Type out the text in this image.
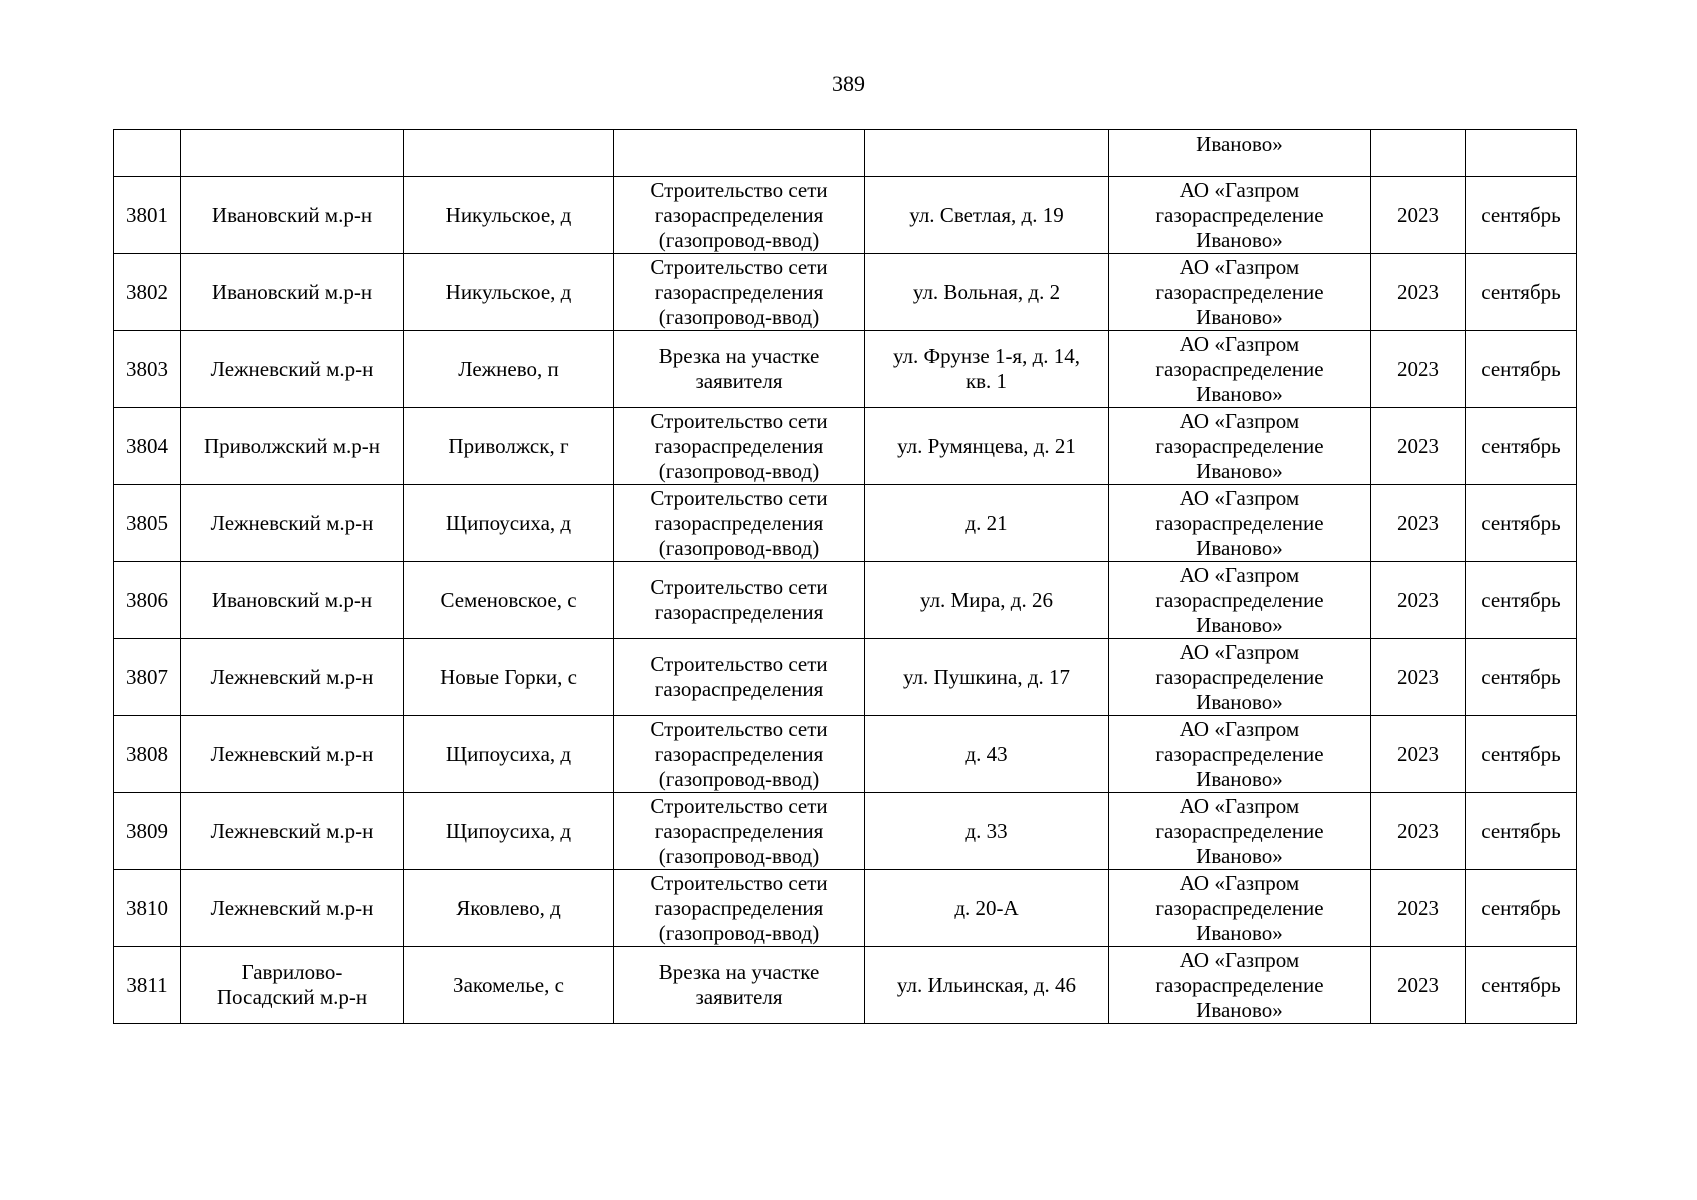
389
					Иваново»		
3801	Ивановский м.р-н	Никульское, д	Строительство сети
газораспределения
(газопровод-ввод)	ул. Светлая, д. 19	АО «Газпром
газораспределение
Иваново»	2023	сентябрь
3802	Ивановский м.р-н	Никульское, д	Строительство сети
газораспределения
(газопровод-ввод)	ул. Вольная, д. 2	АО «Газпром
газораспределение
Иваново»	2023	сентябрь
3803	Лежневский м.р-н	Лежнево, п	Врезка на участке
заявителя	ул. Фрунзе 1-я, д. 14,
кв. 1	АО «Газпром
газораспределение
Иваново»	2023	сентябрь
3804	Приволжский м.р-н	Приволжск, г	Строительство сети
газораспределения
(газопровод-ввод)	ул. Румянцева, д. 21	АО «Газпром
газораспределение
Иваново»	2023	сентябрь
3805	Лежневский м.р-н	Щипоусиха, д	Строительство сети
газораспределения
(газопровод-ввод)	д. 21	АО «Газпром
газораспределение
Иваново»	2023	сентябрь
3806	Ивановский м.р-н	Семеновское, с	Строительство сети
газораспределения	ул. Мира, д. 26	АО «Газпром
газораспределение
Иваново»	2023	сентябрь
3807	Лежневский м.р-н	Новые Горки, с	Строительство сети
газораспределения	ул. Пушкина, д. 17	АО «Газпром
газораспределение
Иваново»	2023	сентябрь
3808	Лежневский м.р-н	Щипоусиха, д	Строительство сети
газораспределения
(газопровод-ввод)	д. 43	АО «Газпром
газораспределение
Иваново»	2023	сентябрь
3809	Лежневский м.р-н	Щипоусиха, д	Строительство сети
газораспределения
(газопровод-ввод)	д. 33	АО «Газпром
газораспределение
Иваново»	2023	сентябрь
3810	Лежневский м.р-н	Яковлево, д	Строительство сети
газораспределения
(газопровод-ввод)	д. 20-А	АО «Газпром
газораспределение
Иваново»	2023	сентябрь
3811	Гаврилово-
Посадский м.р-н	Закомелье, с	Врезка на участке
заявителя	ул. Ильинская, д. 46	АО «Газпром
газораспределение
Иваново»	2023	сентябрь
